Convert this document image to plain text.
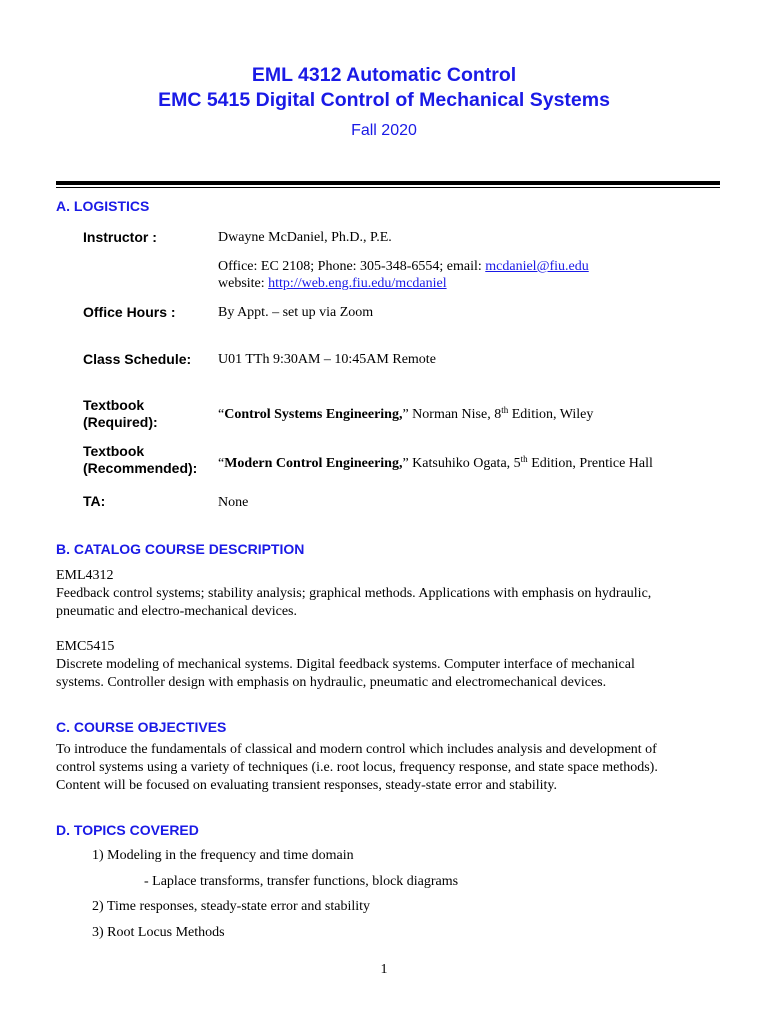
EML 4312 Automatic Control
EMC 5415 Digital Control of Mechanical Systems
Fall 2020
A. LOGISTICS
Instructor :	Dwayne McDaniel, Ph.D., P.E.
Office: EC 2108; Phone: 305-348-6554; email: mcdaniel@fiu.edu
website: http://web.eng.fiu.edu/mcdaniel
Office Hours :	By Appt. – set up via Zoom
Class Schedule: U01 TTh 9:30AM – 10:45AM Remote
Textbook
(Required):	“Control Systems Engineering,” Norman Nise, 8th Edition, Wiley
Textbook
(Recommended): “Modern Control Engineering,” Katsuhiko Ogata, 5th Edition, Prentice Hall
TA:	None
B. CATALOG COURSE DESCRIPTION
EML4312
Feedback control systems; stability analysis; graphical methods. Applications with emphasis on hydraulic,
pneumatic and electro-mechanical devices.
EMC5415
Discrete modeling of mechanical systems. Digital feedback systems. Computer interface of mechanical
systems. Controller design with emphasis on hydraulic, pneumatic and electromechanical devices.
C. COURSE OBJECTIVES
To introduce the fundamentals of classical and modern control which includes analysis and development of
control systems using a variety of techniques (i.e. root locus, frequency response, and state space methods).
Content will be focused on evaluating transient responses, steady-state error and stability.
D. TOPICS COVERED
1) Modeling in the frequency and time domain
- Laplace transforms, transfer functions, block diagrams
2) Time responses, steady-state error and stability
3) Root Locus Methods
1
